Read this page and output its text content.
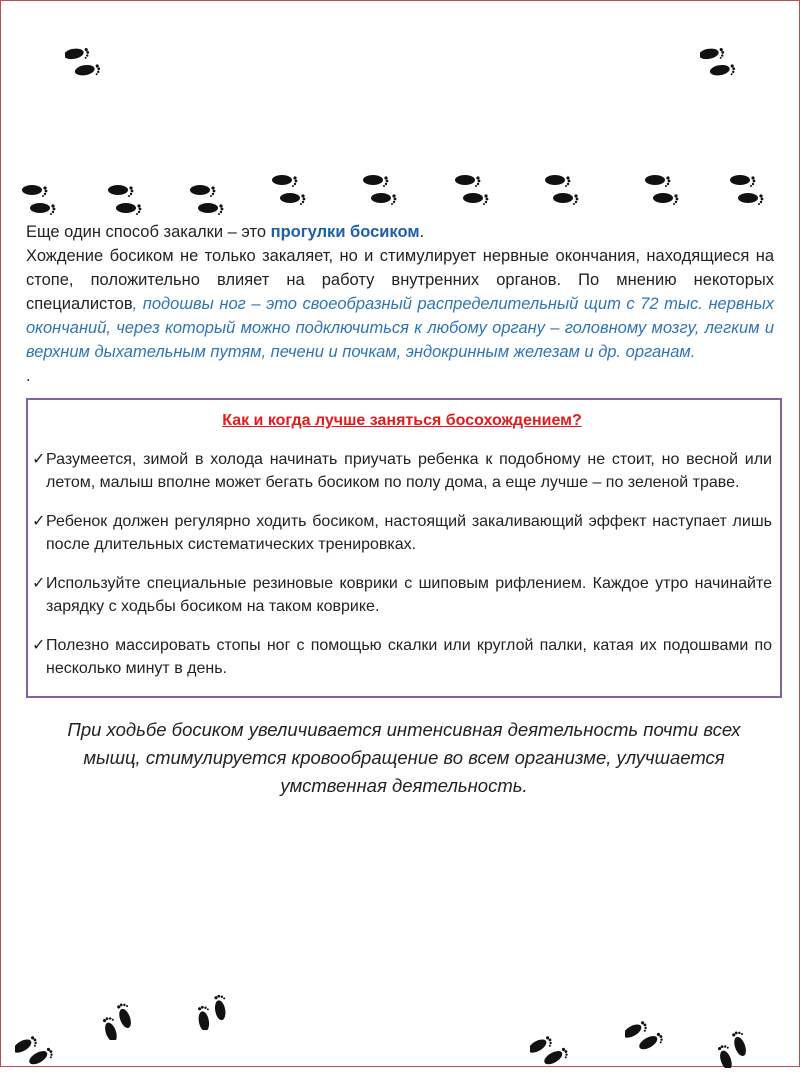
Еще один способ закалки – это прогулки босиком.

Хождение босиком не только закаляет, но и стимулирует нервные окончания, находящиеся на стопе, положительно влияет на работу внутренних органов. По мнению некоторых специалистов, подошвы ног – это своеобразный распределительный щит с 72 тыс. нервных окончаний, через который можно подключиться к любому органу – головному мозгу, легким и верхним дыхательным путям, печени и почкам, эндокринным железам и др. органам.

.

Как и когда лучше заняться босохождением?
✓ Разумеется, зимой в холода начинать приучать ребенка к подобному не стоит, но весной или летом, малыш вполне может бегать босиком по полу дома, а еще лучше – по зеленой траве.
✓ Ребенок должен регулярно ходить босиком, настоящий закаливающий эффект наступает лишь после длительных систематических тренировках.
✓ Используйте специальные резиновые коврики с шиповым рифлением. Каждое утро начинайте зарядку с ходьбы босиком на таком коврике.
✓ Полезно массировать стопы ног с помощью скалки или круглой палки, катая их подошвами по несколько минут в день.
При ходьбе босиком увеличивается интенсивная деятельность почти всех мышц, стимулируется кровообращение во всем организме, улучшается умственная деятельность.
